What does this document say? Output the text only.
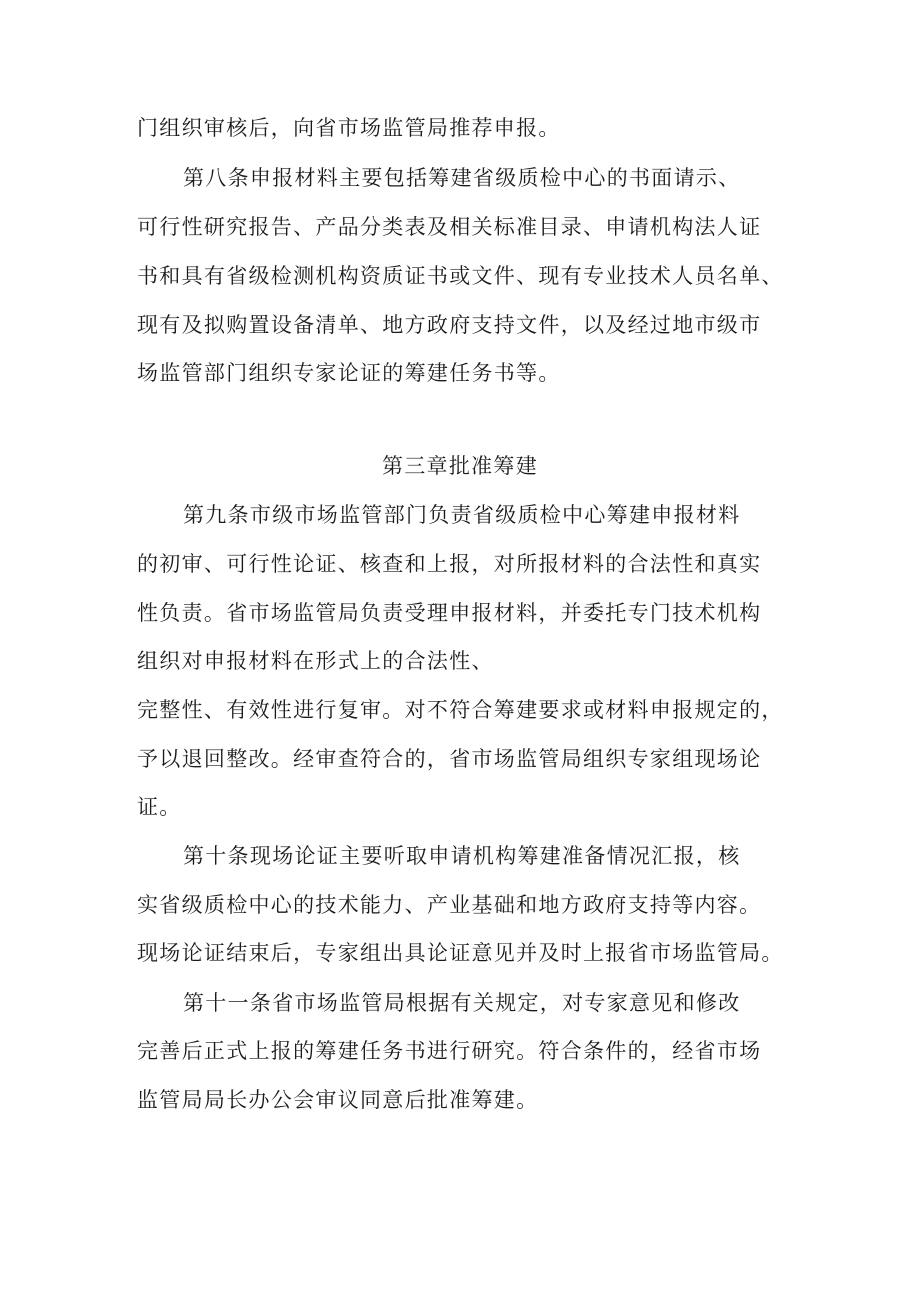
门组织审核后，向省市场监管局推荐申报。
第八条申报材料主要包括筹建省级质检中心的书面请示、
可行性研究报告、产品分类表及相关标准目录、申请机构法人证
书和具有省级检测机构资质证书或文件、现有专业技术人员名单、
现有及拟购置设备清单、地方政府支持文件，以及经过地市级市
场监管部门组织专家论证的筹建任务书等。
第三章批准筹建
第九条市级市场监管部门负责省级质检中心筹建申报材料
的初审、可行性论证、核查和上报，对所报材料的合法性和真实
性负责。省市场监管局负责受理申报材料，并委托专门技术机构
组织对申报材料在形式上的合法性、
完整性、有效性进行复审。对不符合筹建要求或材料申报规定的，
予以退回整改。经审查符合的，省市场监管局组织专家组现场论
证。
第十条现场论证主要听取申请机构筹建准备情况汇报，核
实省级质检中心的技术能力、产业基础和地方政府支持等内容。
现场论证结束后，专家组出具论证意见并及时上报省市场监管局。
第十一条省市场监管局根据有关规定，对专家意见和修改
完善后正式上报的筹建任务书进行研究。符合条件的，经省市场
监管局局长办公会审议同意后批准筹建。
